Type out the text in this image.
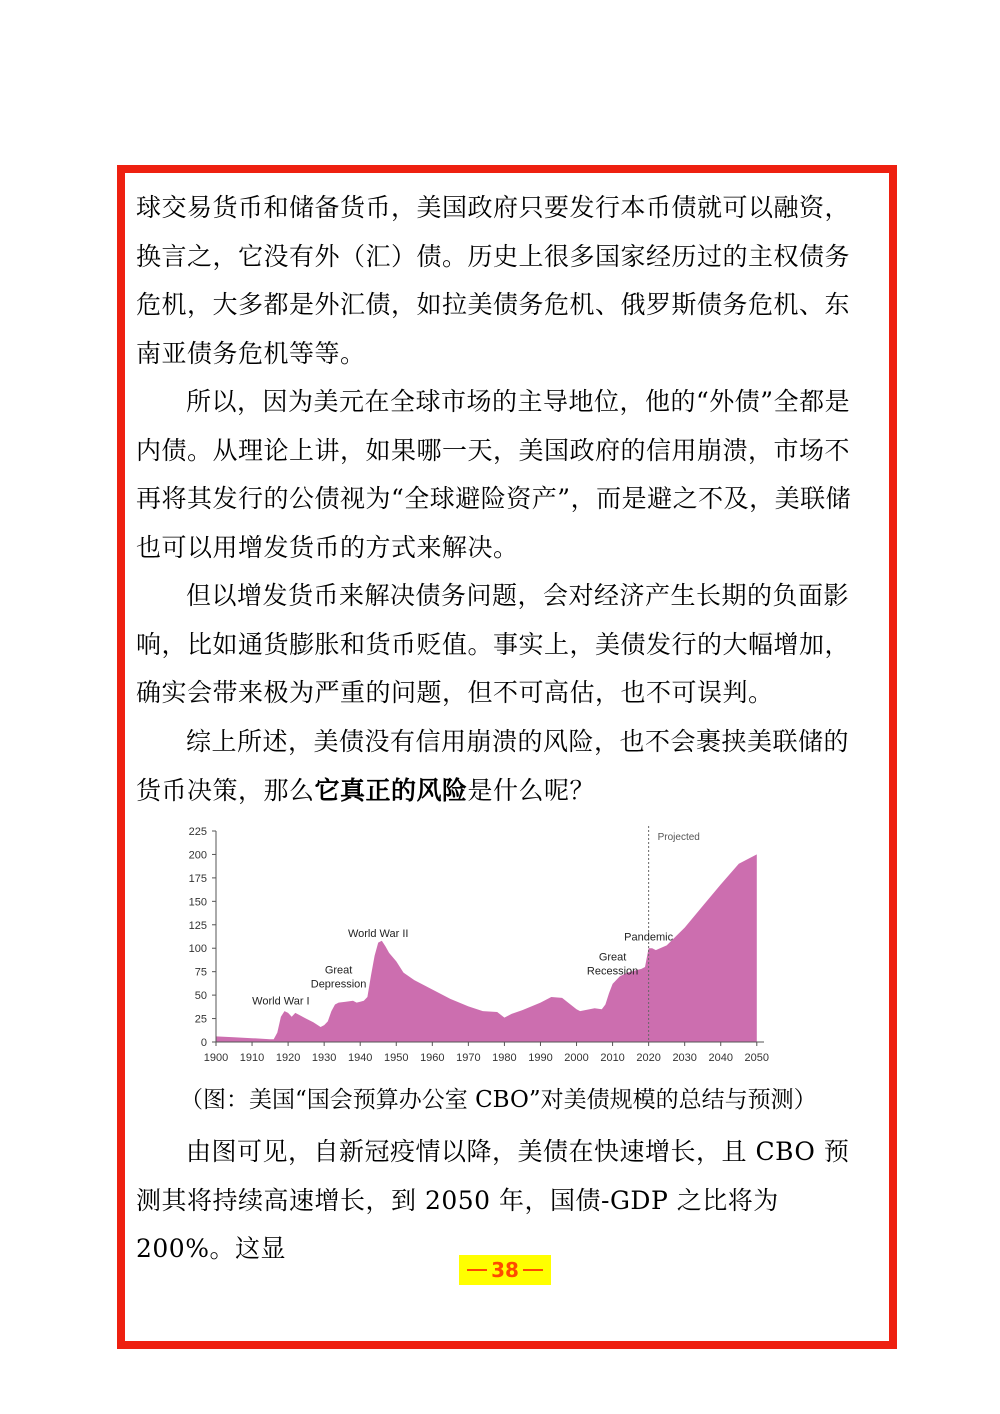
球交易货币和储备货币，美国政府只要发行本币债就可以融资，换言之，它没有外（汇）债。历史上很多国家经历过的主权债务危机，大多都是外汇债，如拉美债务危机、俄罗斯债务危机、东南亚债务危机等等。

所以，因为美元在全球市场的主导地位，他的“外债”全都是内债。从理论上讲，如果哪一天，美国政府的信用崩溃，市场不再将其发行的公债视为“全球避险资产”，而是避之不及，美联储也可以用增发货币的方式来解决。

但以增发货币来解决债务问题，会对经济产生长期的负面影响，比如通货膨胀和货币贬值。事实上，美债发行的大幅增加，确实会带来极为严重的问题，但不可高估，也不可误判。

综上所述，美债没有信用崩溃的风险，也不会裹挟美联储的货币决策，那么它真正的风险是什么呢？

0
25
50
75
100
125
150
175
200
225
1900 1910 1920 1930 1940 1950 1960 1970 1980 1990 2000 2010 2020 2030 2040 2050
Projected
World War I
Great Depression
World War II
Great Recession
Pandemic

（图：美国“国会预算办公室 CBO”对美债规模的总结与预测）

由图可见，自新冠疫情以降，美债在快速增长，且 CBO 预测其将持续高速增长，到 2050 年，国债-GDP 之比将为 200%。这显

38
